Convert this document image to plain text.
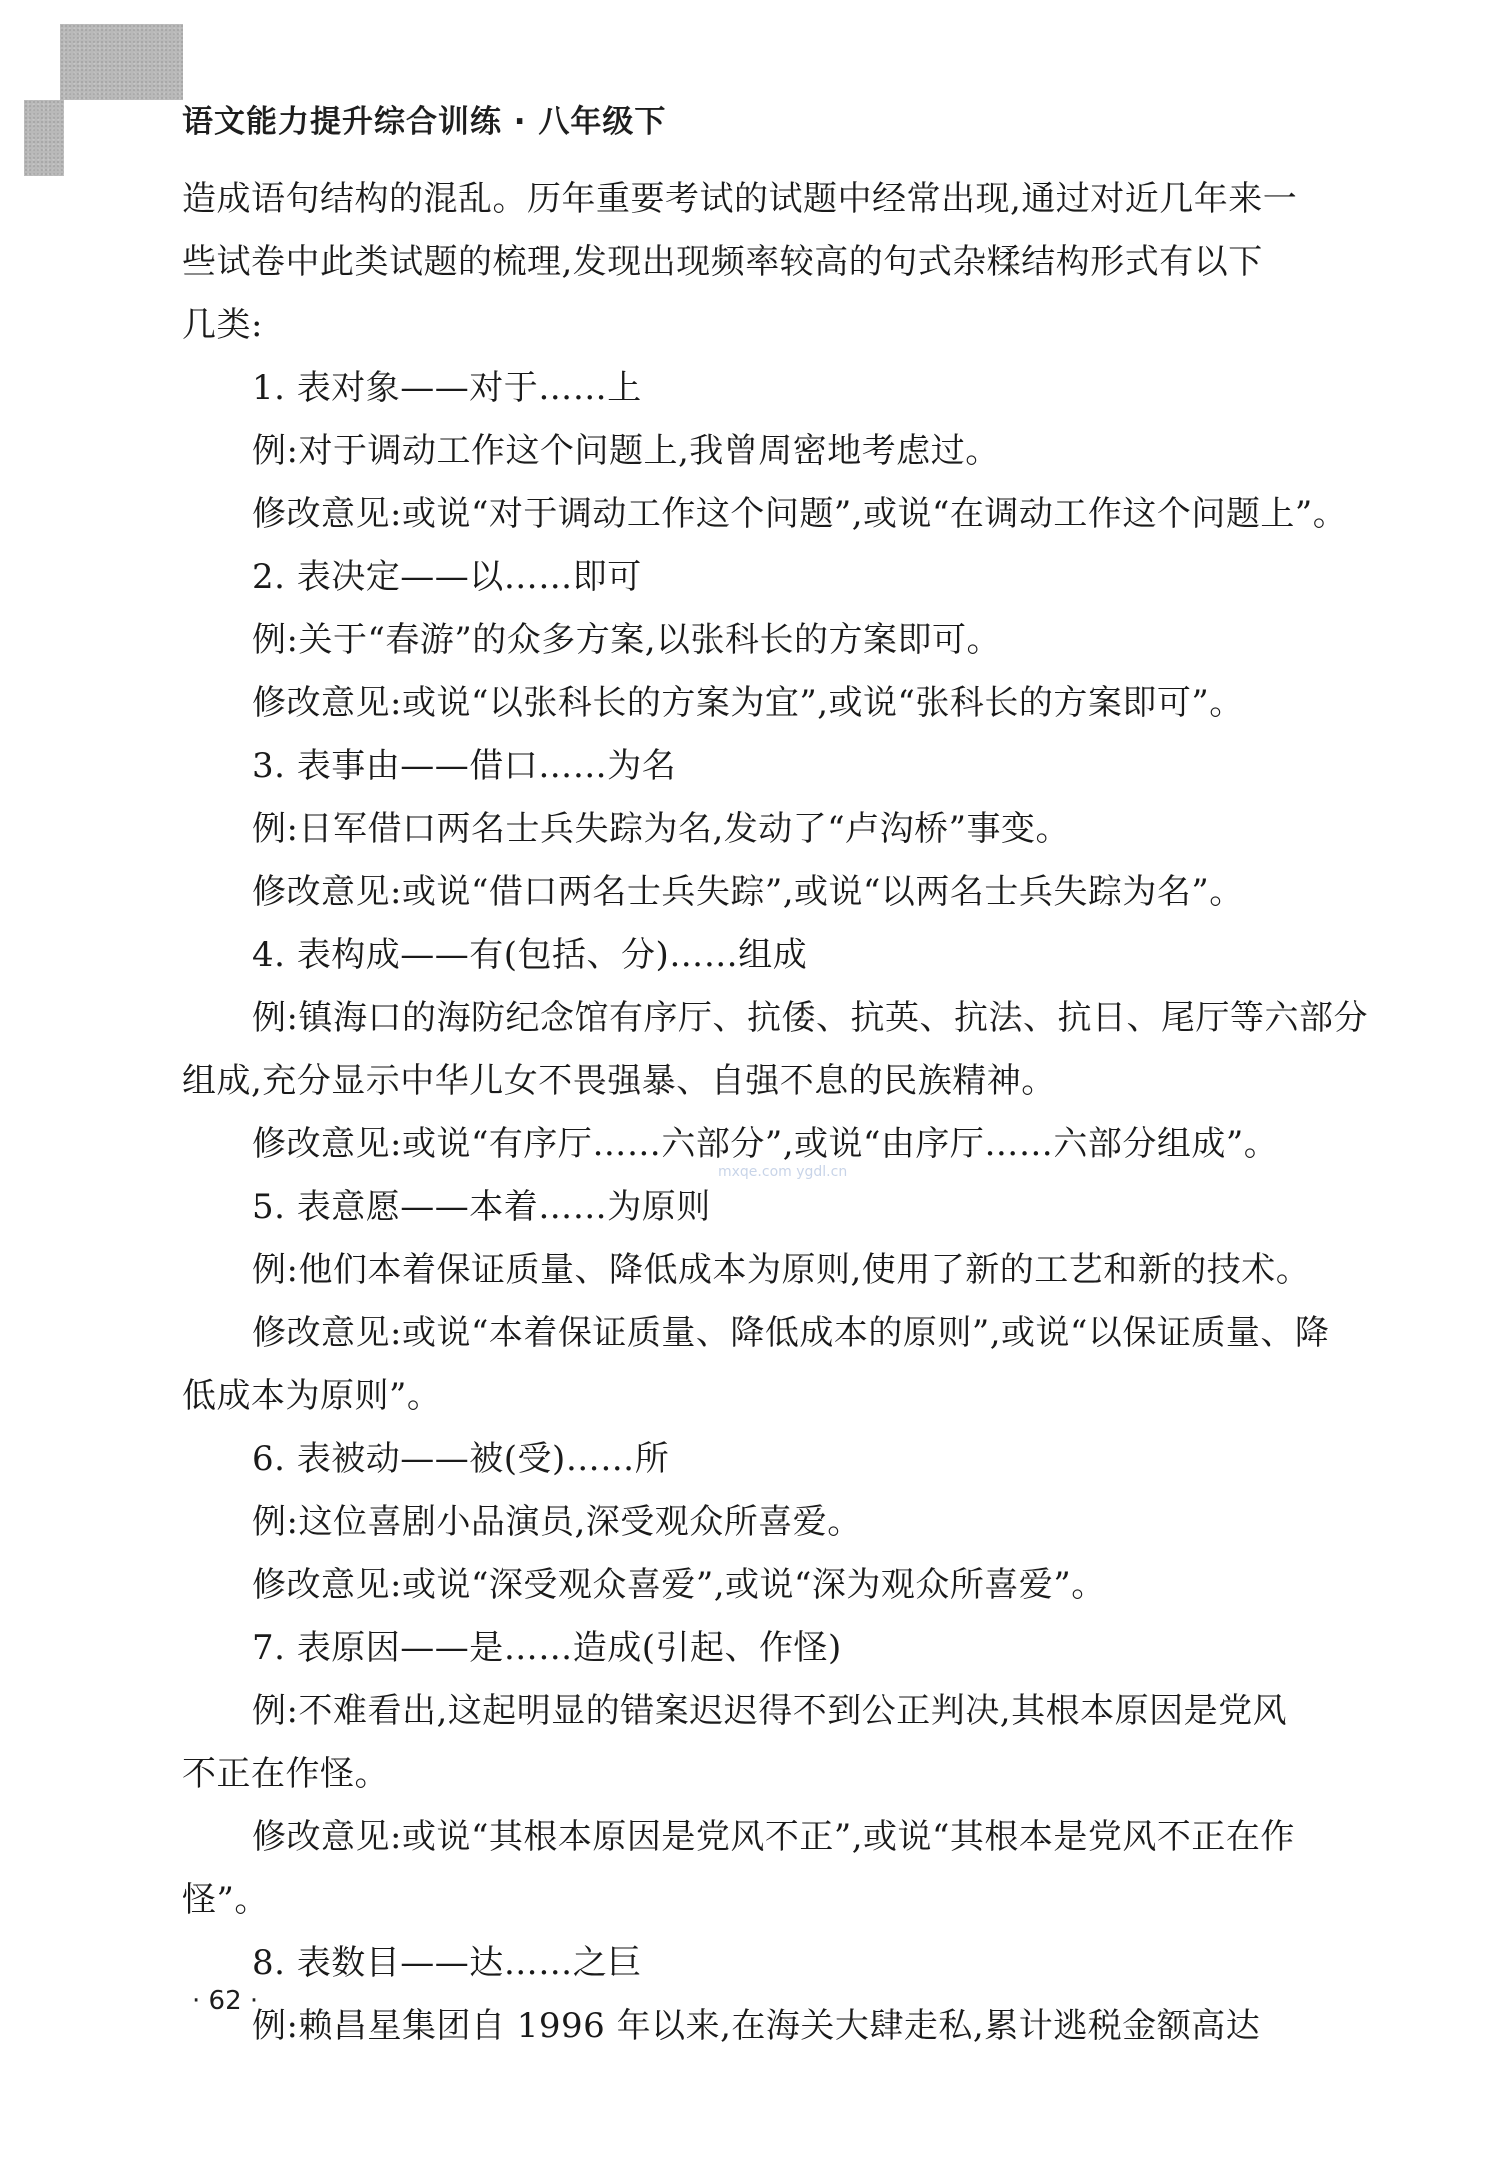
语文能力提升综合训练 · 八年级下

造成语句结构的混乱。历年重要考试的试题中经常出现,通过对近几年来一

些试卷中此类试题的梳理,发现出现频率较高的句式杂糅结构形式有以下

几类:

1. 表对象——对于……上

例:对于调动工作这个问题上,我曾周密地考虑过。

修改意见:或说“对于调动工作这个问题”,或说“在调动工作这个问题上”。

2. 表决定——以……即可

例:关于“春游”的众多方案,以张科长的方案即可。

修改意见:或说“以张科长的方案为宜”,或说“张科长的方案即可”。

3. 表事由——借口……为名

例:日军借口两名士兵失踪为名,发动了“卢沟桥”事变。

修改意见:或说“借口两名士兵失踪”,或说“以两名士兵失踪为名”。

4. 表构成——有(包括、分)……组成

例:镇海口的海防纪念馆有序厅、抗倭、抗英、抗法、抗日、尾厅等六部分

组成,充分显示中华儿女不畏强暴、自强不息的民族精神。

修改意见:或说“有序厅……六部分”,或说“由序厅……六部分组成”。

5. 表意愿——本着……为原则

例:他们本着保证质量、降低成本为原则,使用了新的工艺和新的技术。

修改意见:或说“本着保证质量、降低成本的原则”,或说“以保证质量、降

低成本为原则”。

6. 表被动——被(受)……所

例:这位喜剧小品演员,深受观众所喜爱。

修改意见:或说“深受观众喜爱”,或说“深为观众所喜爱”。

7. 表原因——是……造成(引起、作怪)

例:不难看出,这起明显的错案迟迟得不到公正判决,其根本原因是党风

不正在作怪。

修改意见:或说“其根本原因是党风不正”,或说“其根本是党风不正在作

怪”。

8. 表数目——达……之巨

例:赖昌星集团自 1996 年以来,在海关大肆走私,累计逃税金额高达

mxqe.com ygdl.cn
· 62 ·
